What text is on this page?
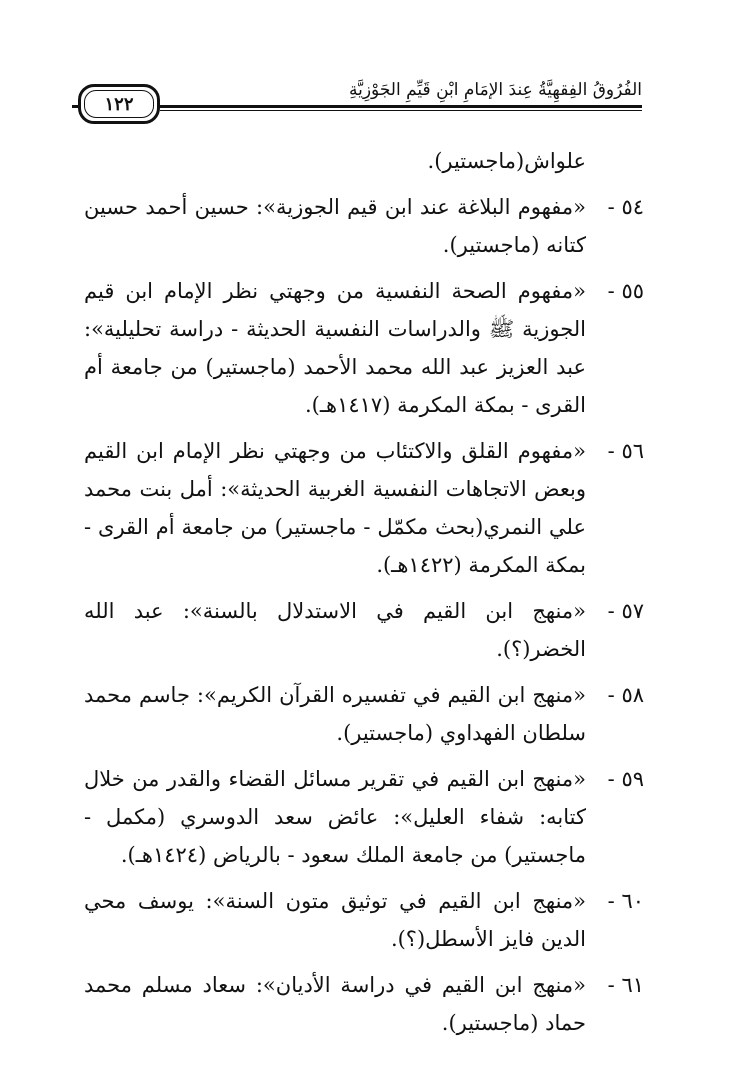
الفُرُوقُ الفِقهِيَّةُ عِندَ الإمَامِ ابْنِ قَيِّمِ الجَوْزِيَّةِ
١٢٢
علواش(ماجستير).
٥٤ -
«مفهوم البلاغة عند ابن قيم الجوزية»: حسين أحمد حسين كتانه (ماجستير).
٥٥ -
«مفهوم الصحة النفسية من وجهتي نظر الإمام ابن قيم الجوزية ﷺ والدراسات النفسية الحديثة - دراسة تحليلية»: عبد العزيز عبد الله محمد الأحمد (ماجستير) من جامعة أم القرى - بمكة المكرمة (١٤١٧هـ).
٥٦ -
«مفهوم القلق والاكتئاب من وجهتي نظر الإمام ابن القيم وبعض الاتجاهات النفسية الغربية الحديثة»: أمل بنت محمد علي النمري(بحث مكمّل - ماجستير) من جامعة أم القرى - بمكة المكرمة (١٤٢٢هـ).
٥٧ -
«منهج ابن القيم في الاستدلال بالسنة»: عبد الله الخضر(؟).
٥٨ -
«منهج ابن القيم في تفسيره القرآن الكريم»: جاسم محمد سلطان الفهداوي (ماجستير).
٥٩ -
«منهج ابن القيم في تقرير مسائل القضاء والقدر من خلال كتابه: شفاء العليل»: عائض سعد الدوسري (مكمل - ماجستير) من جامعة الملك سعود - بالرياض (١٤٢٤هـ).
٦٠ -
«منهج ابن القيم في توثيق متون السنة»: يوسف محي الدين فايز الأسطل(؟).
٦١ -
«منهج ابن القيم في دراسة الأديان»: سعاد مسلم محمد حماد (ماجستير).
